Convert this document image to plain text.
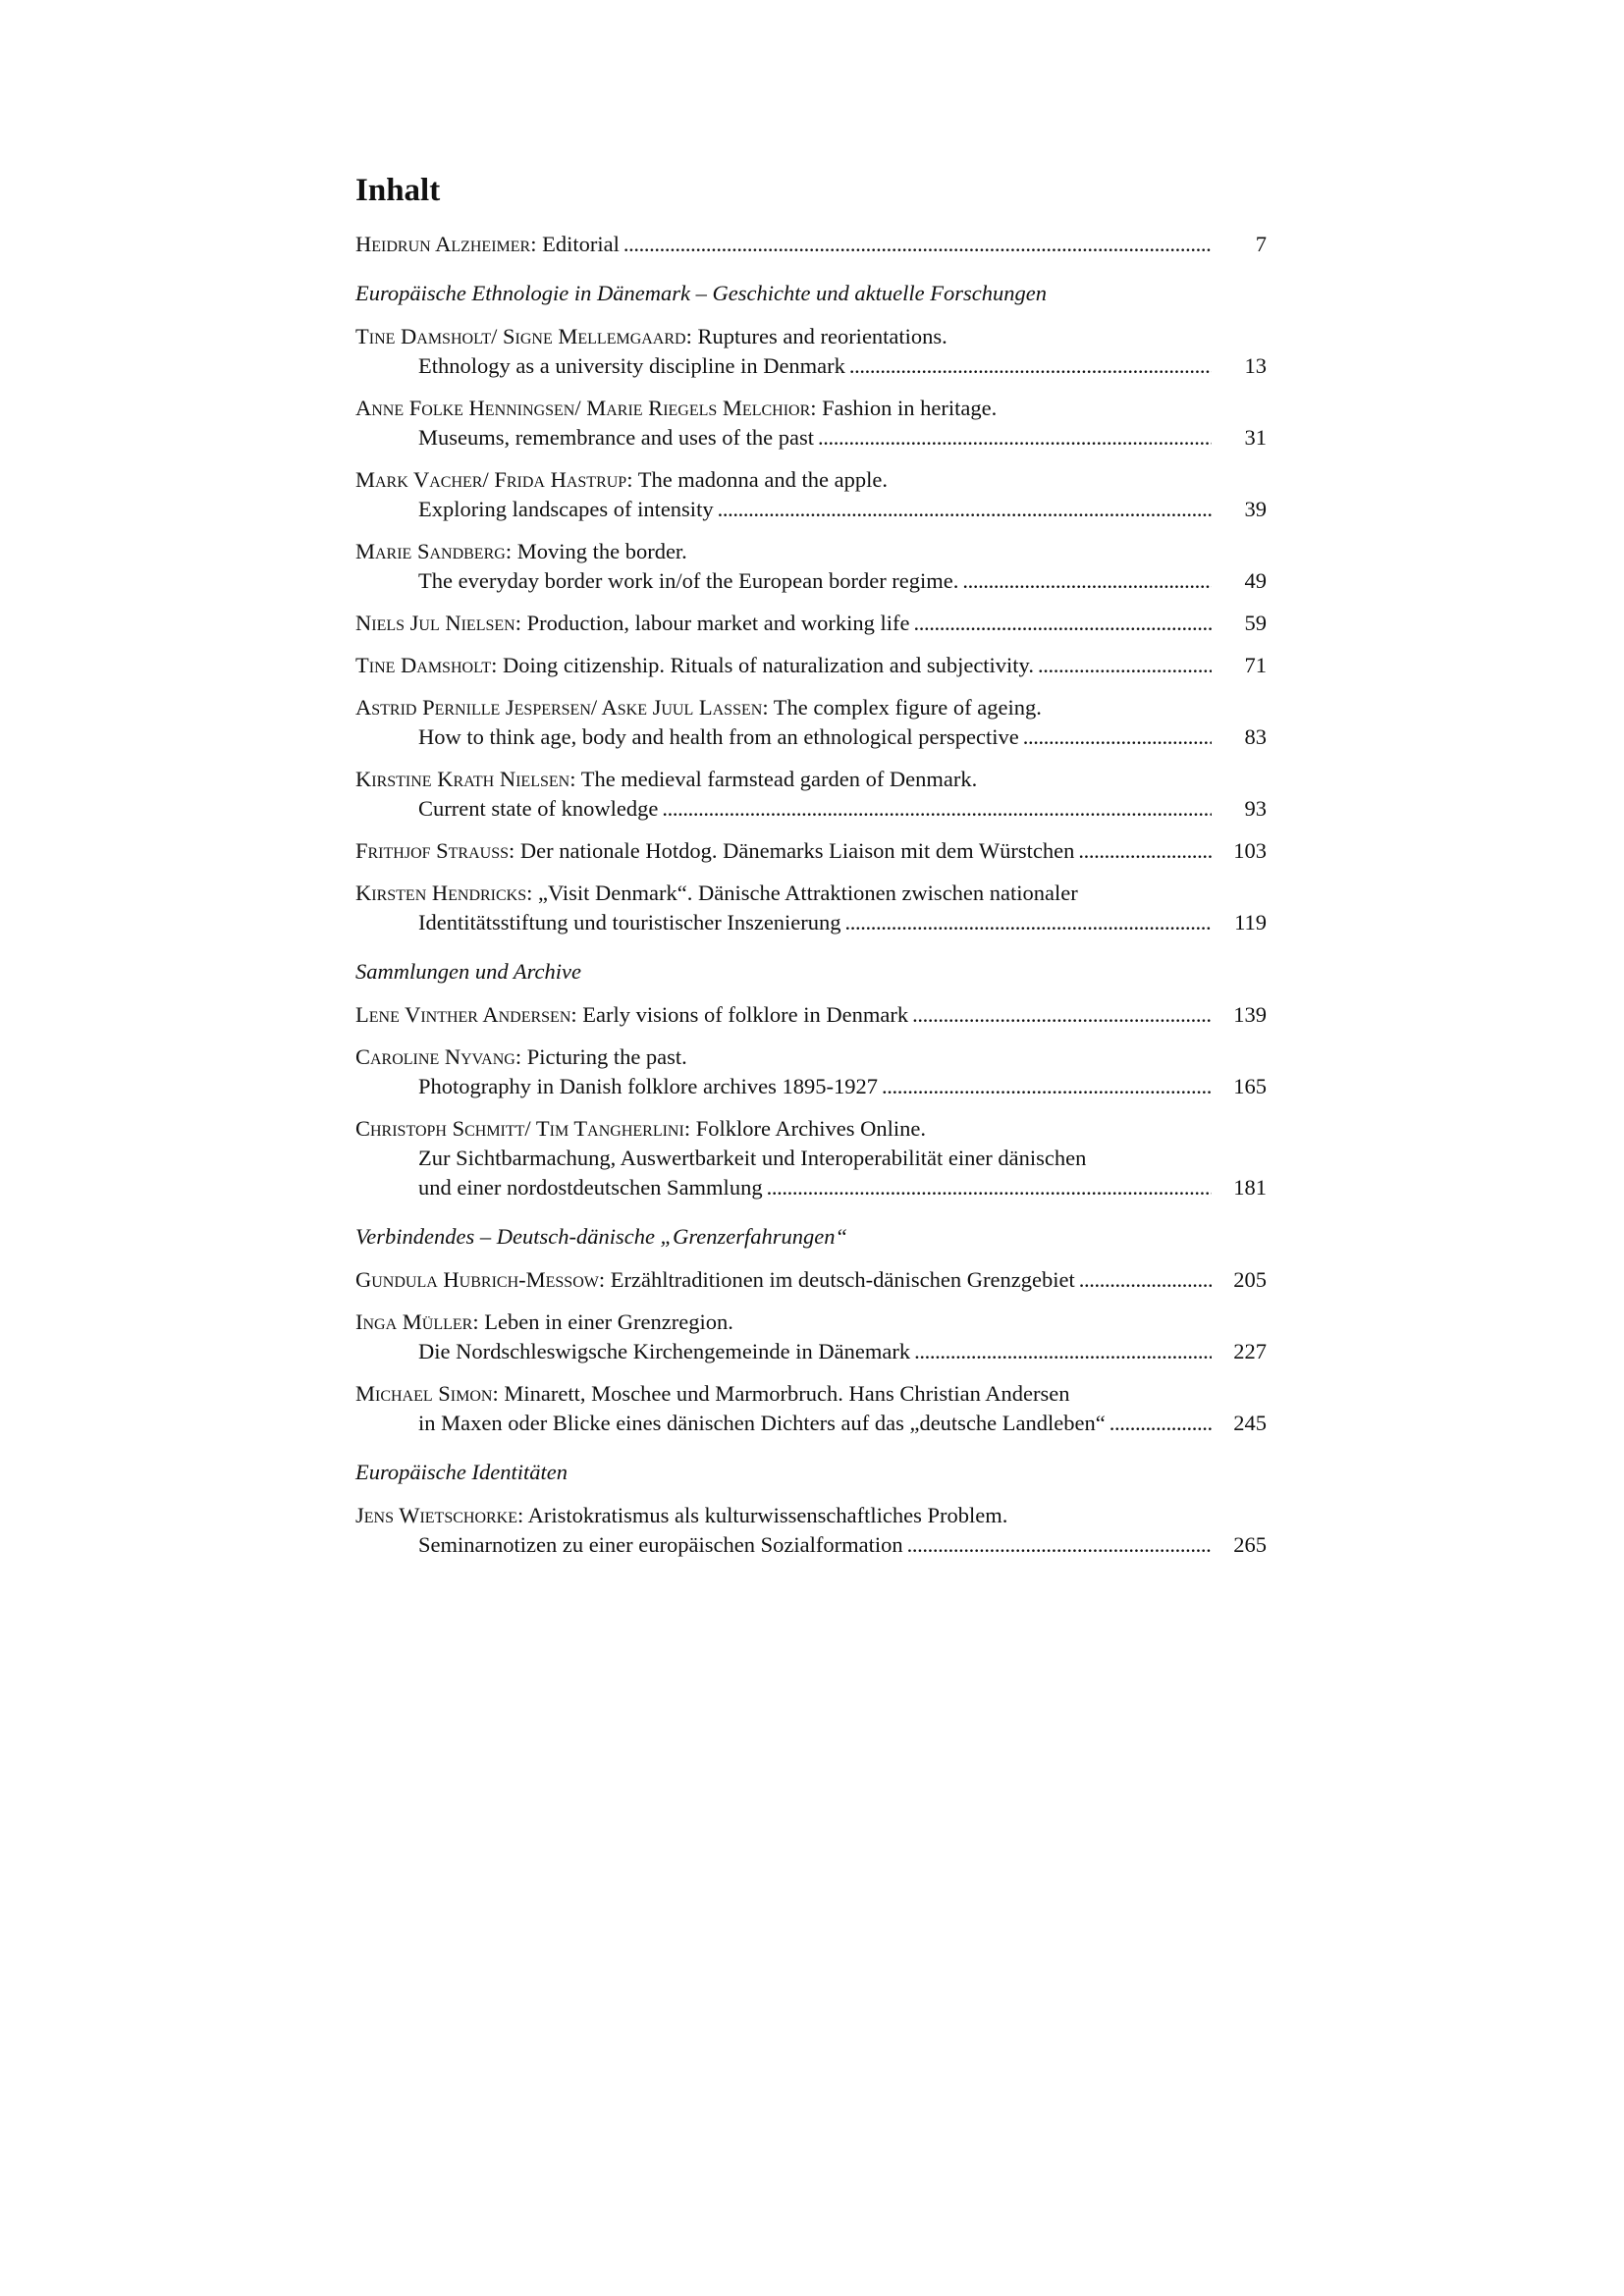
Inhalt
Heidrun Alzheimer: Editorial . . .	7
Europäische Ethnologie in Dänemark – Geschichte und aktuelle Forschungen
Tine Damsholt/ Signe Mellemgaard: Ruptures and reorientations.
Ethnology as a university discipline in Denmark . . .	13
Anne Folke Henningsen/ Marie Riegels Melchior: Fashion in heritage.
Museums, remembrance and uses of the past . . .	31
Mark Vacher/ Frida Hastrup: The madonna and the apple.
Exploring landscapes of intensity . . .	39
Marie Sandberg: Moving the border.
The everyday border work in/of the European border regime. . . .	49
Niels Jul Nielsen: Production, labour market and working life . . .	59
Tine Damsholt: Doing citizenship. Rituals of naturalization and subjectivity. . . .	71
Astrid Pernille Jespersen/ Aske Juul Lassen: The complex figure of ageing.
How to think age, body and health from an ethnological perspective . . .	83
Kirstine Krath Nielsen: The medieval farmstead garden of Denmark.
Current state of knowledge . . .	93
Frithjof Strauß: Der nationale Hotdog. Dänemarks Liaison mit dem Würstchen . . .	103
Kirsten Hendricks: „Visit Denmark“. Dänische Attraktionen zwischen nationaler
Identitätsstiftung und touristischer Inszenierung . . .	119
Sammlungen und Archive
Lene Vinther Andersen: Early visions of folklore in Denmark . . .	139
Caroline Nyvang: Picturing the past.
Photography in Danish folklore archives 1895-1927 . . .	165
Christoph Schmitt/ Tim Tangherlini: Folklore Archives Online.
Zur Sichtbarmachung, Auswertbarkeit und Interoperabilität einer dänischen
und einer nordostdeutschen Sammlung . . .	181
Verbindendes – Deutsch-dänische „Grenzerfahrungen“
Gundula Hubrich-Messow: Erzähltraditionen im deutsch-dänischen Grenzgebiet . . .	205
Inga Müller: Leben in einer Grenzregion.
Die Nordschleswigsche Kirchengemeinde in Dänemark . . .	227
Michael Simon: Minarett, Moschee und Marmorbruch. Hans Christian Andersen
in Maxen oder Blicke eines dänischen Dichters auf das „deutsche Landleben“ . . .	245
Europäische Identitäten
Jens Wietschorke: Aristokratismus als kulturwissenschaftliches Problem.
Seminarnotizen zu einer europäischen Sozialformation . . .	265
